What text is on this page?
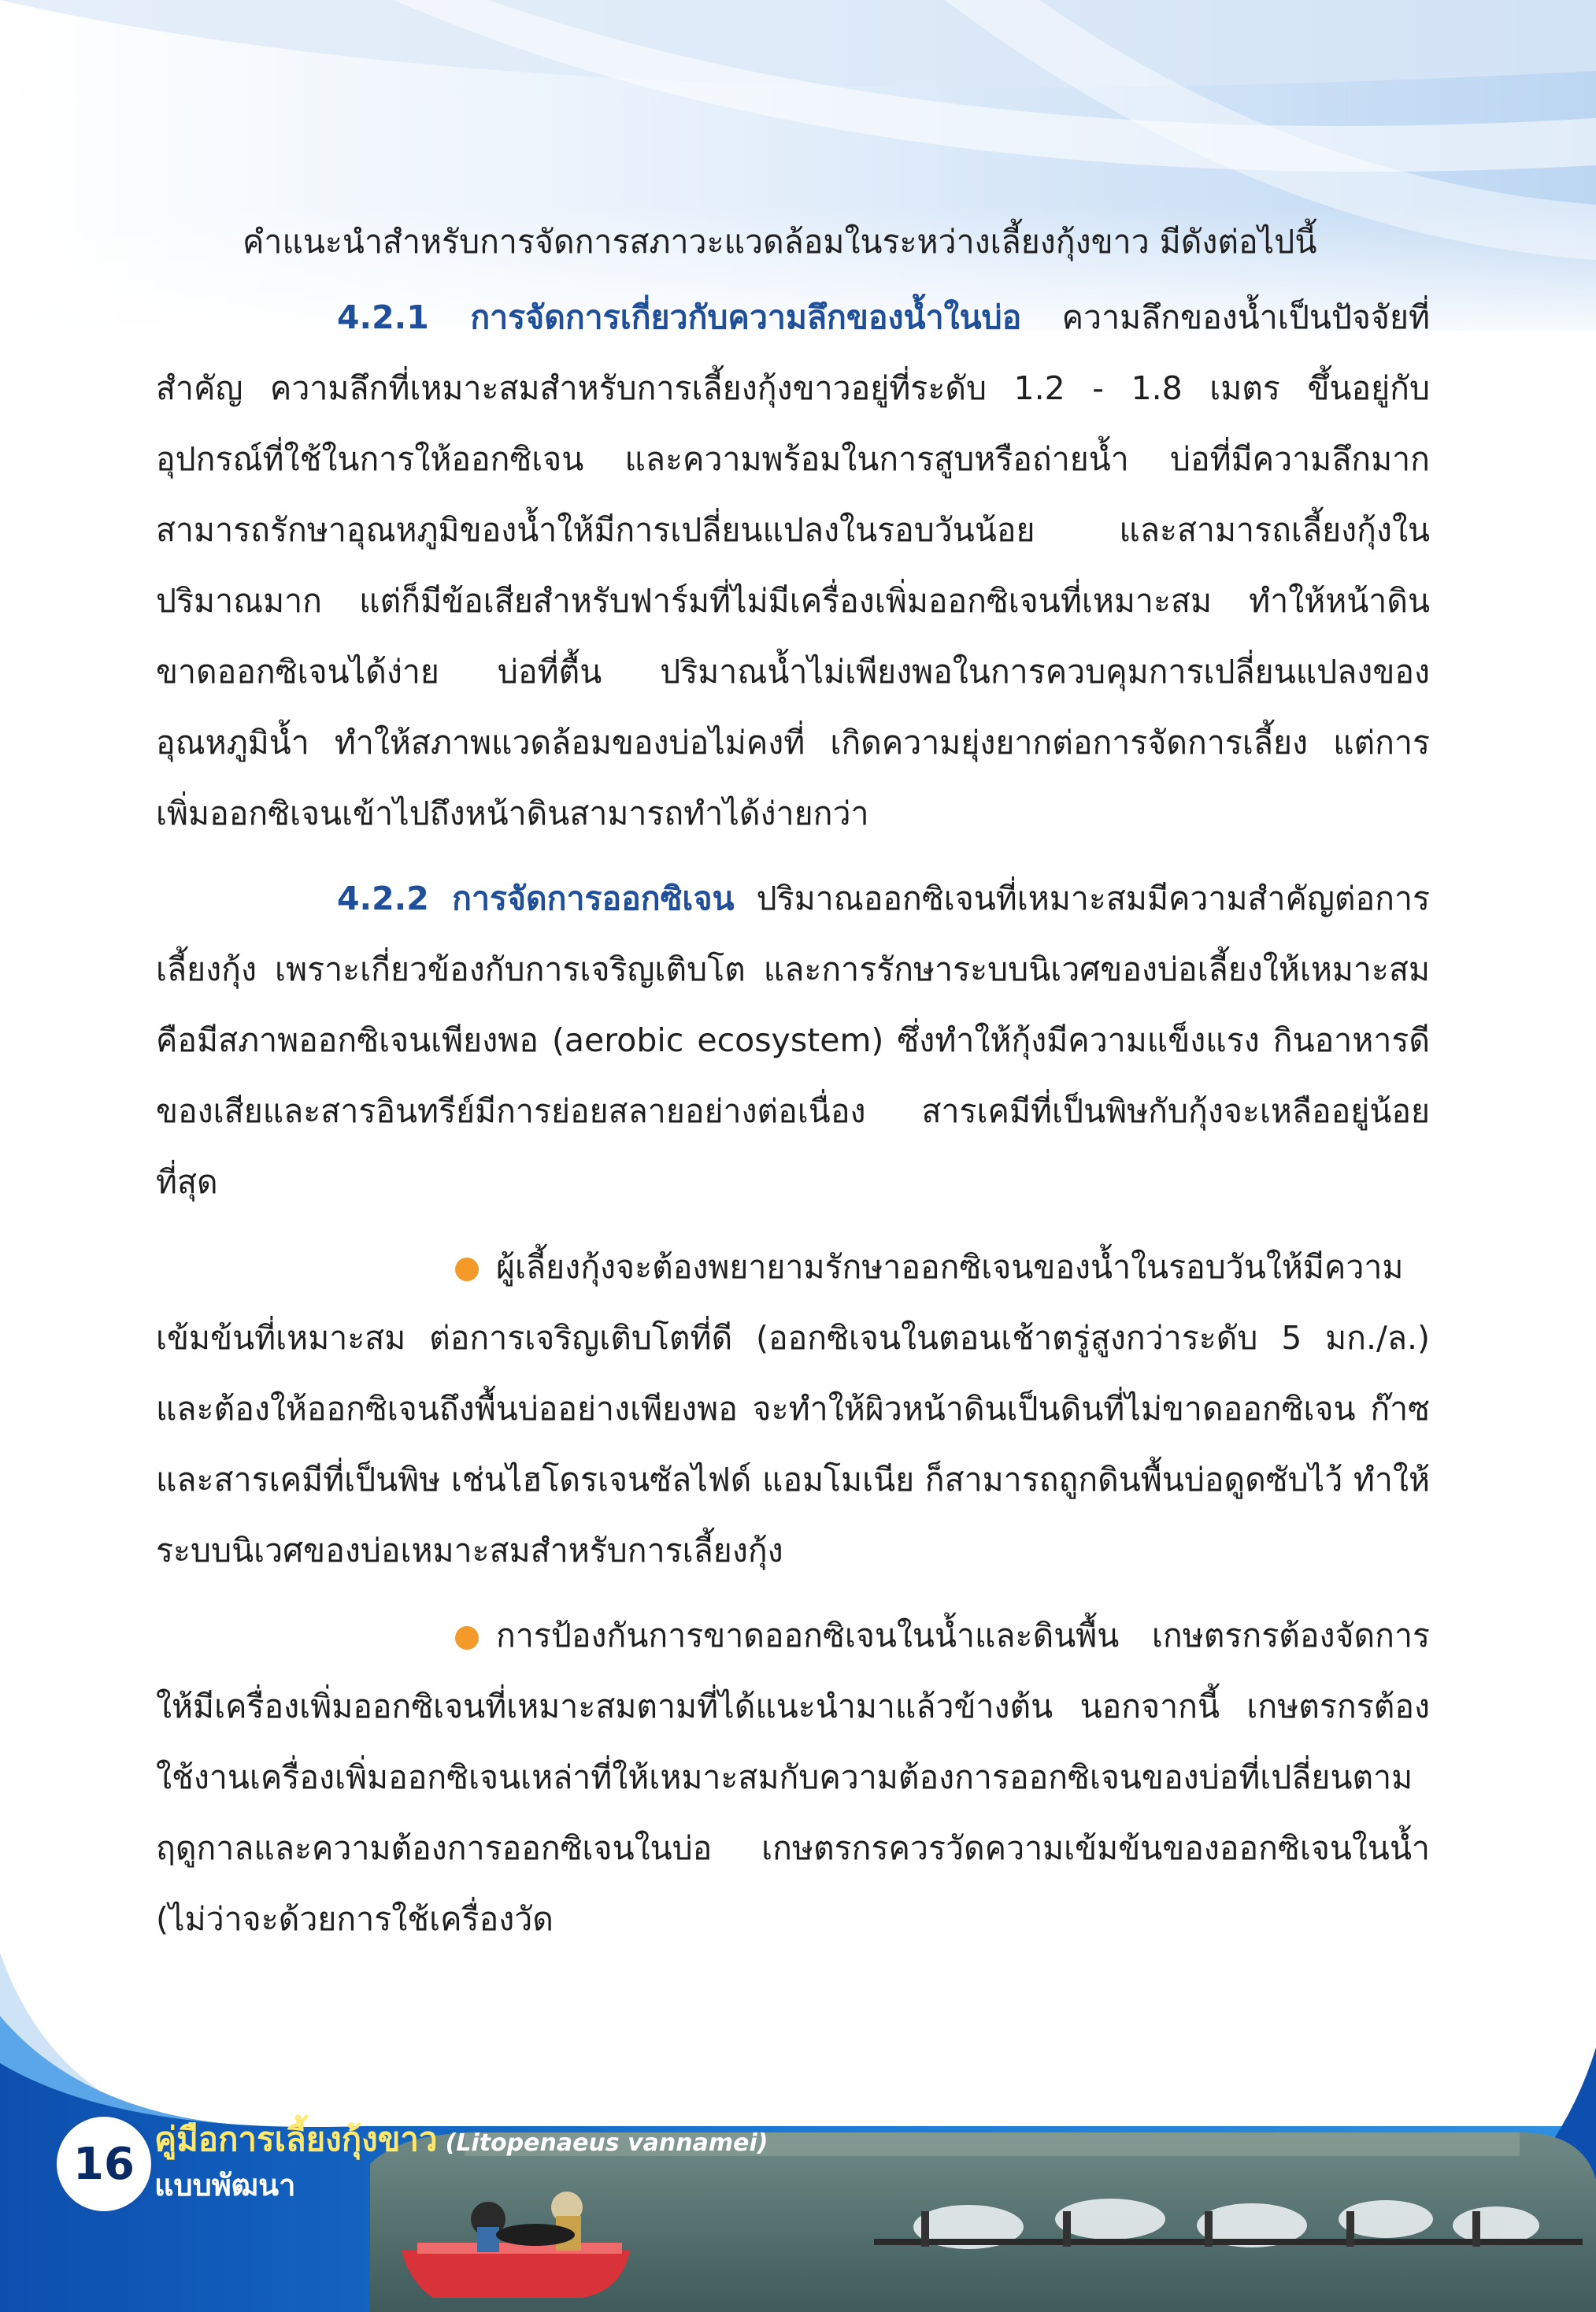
คำแนะนำสำหรับการจัดการสภาวะแวดล้อมในระหว่างเลี้ยงกุ้งขาว มีดังต่อไปนี้

4.2.1 การจัดการเกี่ยวกับความลึกของน้ำในบ่อ ความลึกของน้ำเป็นปัจจัยที่สำคัญ ความลึกที่เหมาะสมสำหรับการเลี้ยงกุ้งขาวอยู่ที่ระดับ 1.2 - 1.8 เมตร ขึ้นอยู่กับอุปกรณ์ที่ใช้ในการให้ออกซิเจน และความพร้อมในการสูบหรือถ่ายน้ำ บ่อที่มีความลึกมากสามารถรักษาอุณหภูมิของน้ำให้มีการเปลี่ยนแปลงในรอบวันน้อย และสามารถเลี้ยงกุ้งในปริมาณมาก แต่ก็มีข้อเสียสำหรับฟาร์มที่ไม่มีเครื่องเพิ่มออกซิเจนที่เหมาะสม ทำให้หน้าดินขาดออกซิเจนได้ง่าย บ่อที่ตื้น ปริมาณน้ำไม่เพียงพอในการควบคุมการเปลี่ยนแปลงของอุณหภูมิน้ำ ทำให้สภาพแวดล้อมของบ่อไม่คงที่ เกิดความยุ่งยากต่อการจัดการเลี้ยง แต่การเพิ่มออกซิเจนเข้าไปถึงหน้าดินสามารถทำได้ง่ายกว่า

4.2.2 การจัดการออกซิเจน ปริมาณออกซิเจนที่เหมาะสมมีความสำคัญต่อการเลี้ยงกุ้ง เพราะเกี่ยวข้องกับการเจริญเติบโต และการรักษาระบบนิเวศของบ่อเลี้ยงให้เหมาะสม คือมีสภาพออกซิเจนเพียงพอ (aerobic ecosystem) ซึ่งทำให้กุ้งมีความแข็งแรง กินอาหารดี ของเสียและสารอินทรีย์มีการย่อยสลายอย่างต่อเนื่อง สารเคมีที่เป็นพิษกับกุ้งจะเหลืออยู่น้อยที่สุด

ผู้เลี้ยงกุ้งจะต้องพยายามรักษาออกซิเจนของน้ำในรอบวันให้มีความเข้มข้นที่เหมาะสม ต่อการเจริญเติบโตที่ดี (ออกซิเจนในตอนเช้าตรู่สูงกว่าระดับ 5 มก./ล.) และต้องให้ออกซิเจนถึงพื้นบ่ออย่างเพียงพอ จะทำให้ผิวหน้าดินเป็นดินที่ไม่ขาดออกซิเจน ก๊าซและสารเคมีที่เป็นพิษ เช่นไฮโดรเจนซัลไฟด์ แอมโมเนีย ก็สามารถถูกดินพื้นบ่อดูดซับไว้ ทำให้ระบบนิเวศของบ่อเหมาะสมสำหรับการเลี้ยงกุ้ง

การป้องกันการขาดออกซิเจนในน้ำและดินพื้น เกษตรกรต้องจัดการให้มีเครื่องเพิ่มออกซิเจนที่เหมาะสมตามที่ได้แนะนำมาแล้วข้างต้น นอกจากนี้ เกษตรกรต้องใช้งานเครื่องเพิ่มออกซิเจนเหล่าที่ให้เหมาะสมกับความต้องการออกซิเจนของบ่อที่เปลี่ยนตามฤดูกาลและความต้องการออกซิเจนในบ่อ เกษตรกรควรวัดความเข้มข้นของออกซิเจนในน้ำ (ไม่ว่าจะด้วยการใช้เครื่องวัด

16 คู่มือการเลี้ยงกุ้งขาว (Litopenaeus vannamei)
แบบพัฒนา
